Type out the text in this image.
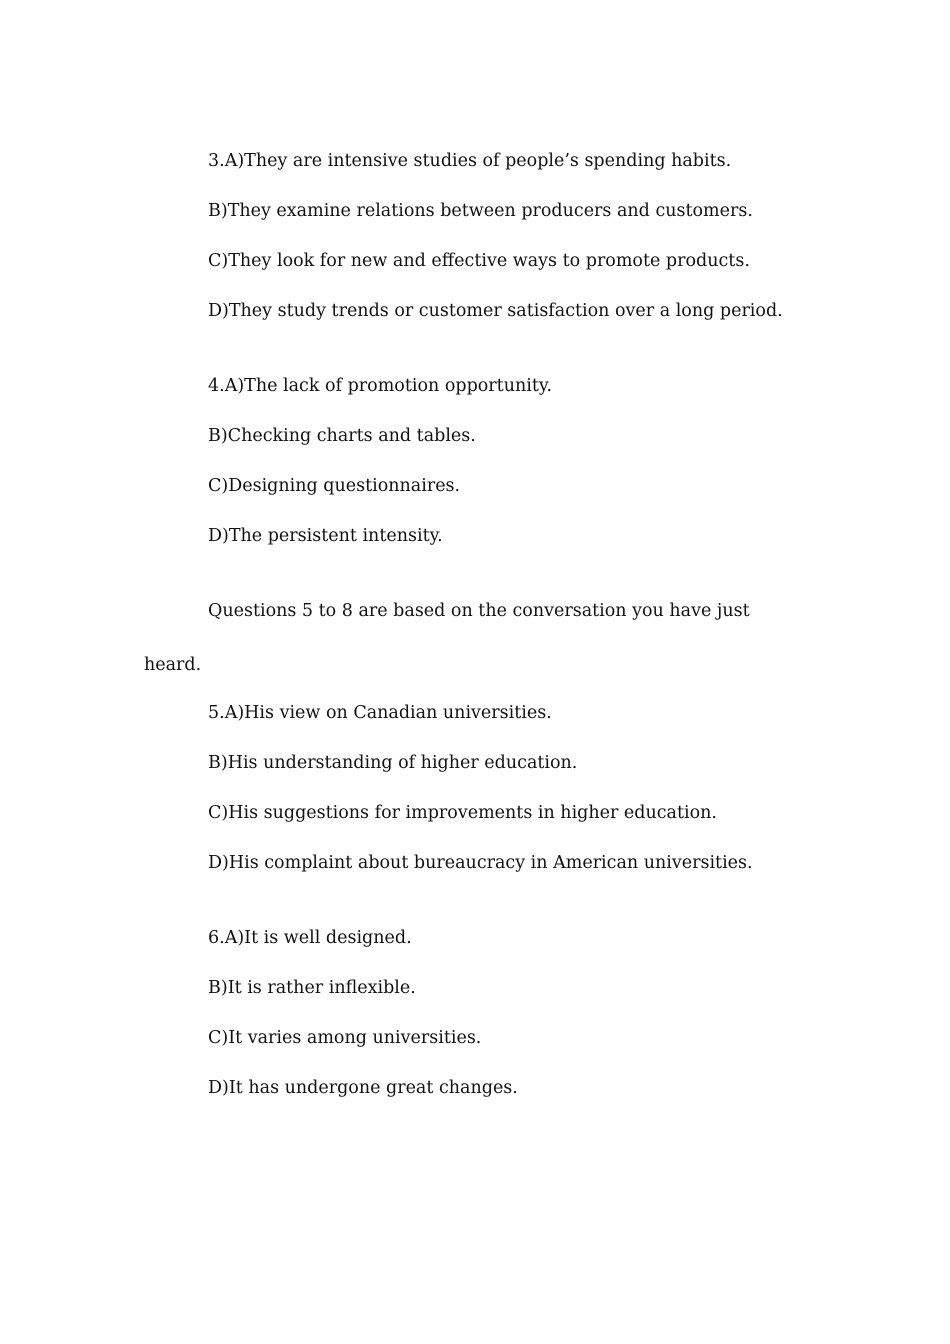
3.A)They are intensive studies of people’s spending habits.
B)They examine relations between producers and customers.
C)They look for new and effective ways to promote products.
D)They study trends or customer satisfaction over a long period.
4.A)The lack of promotion opportunity.
B)Checking charts and tables.
C)Designing questionnaires.
D)The persistent intensity.
Questions 5 to 8 are based on the conversation you have just
heard.
5.A)His view on Canadian universities.
B)His understanding of higher education.
C)His suggestions for improvements in higher education.
D)His complaint about bureaucracy in American universities.
6.A)It is well designed.
B)It is rather inflexible.
C)It varies among universities.
D)It has undergone great changes.
